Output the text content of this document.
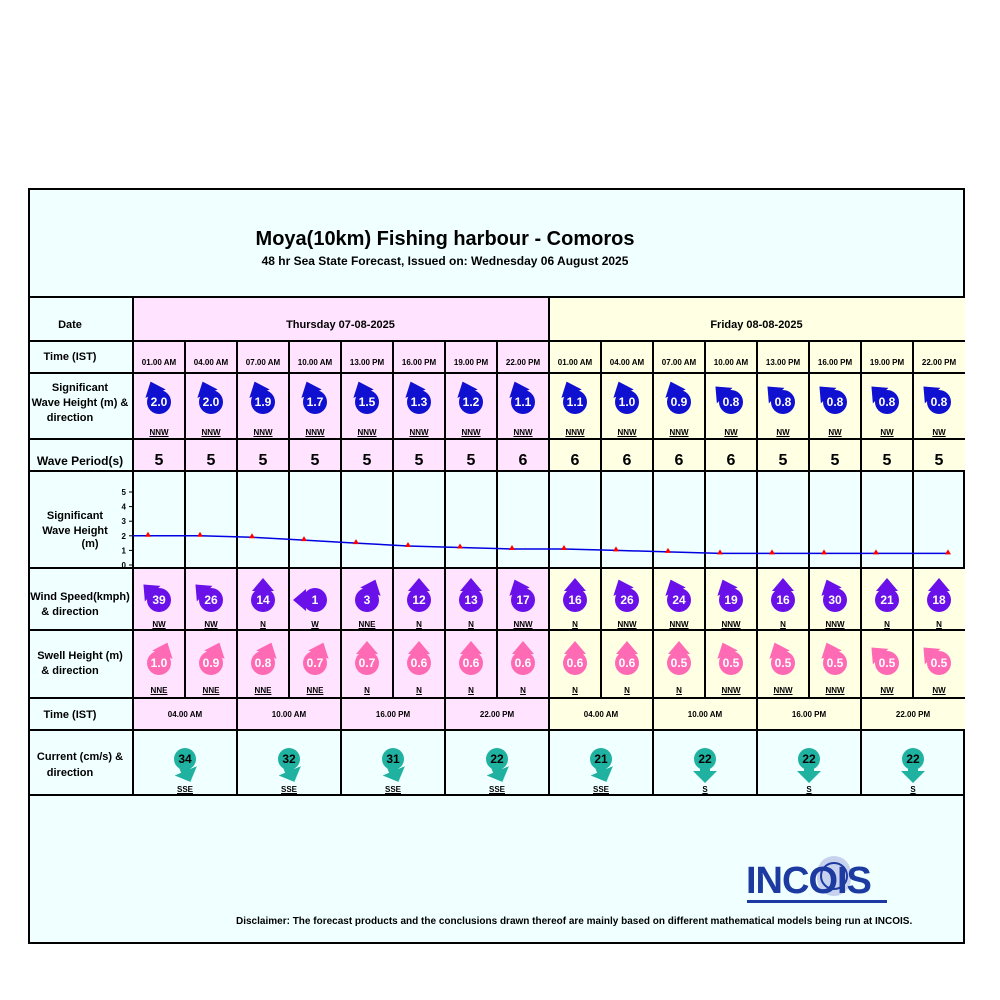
Moya(10km) Fishing harbour - Comoros
48 hr Sea State Forecast, Issued on: Wednesday 06 August 2025
Date
Time (IST)
Significant
Wave Height (m) &
direction
Wave Period(s)
Significant
Wave Height
(m)
Wind Speed(kmph)
& direction
Swell Height (m)
& direction
Time (IST)
Current (cm/s) &
direction
Thursday 07-08-2025	Friday 08-08-2025
01.00 AM
2.0
NNW
5
39
NW
1.0
NNE
04.00 AM
2.0
NNW
5
26
NW
0.9
NNE
07.00 AM
1.9
NNW
5
14
N
0.8
NNE
10.00 AM
1.7
NNW
5
1
W
0.7
NNE
13.00 PM
1.5
NNW
5
3
NNE
0.7
N
16.00 PM
1.3
NNW
5
12
N
0.6
N
19.00 PM
1.2
NNW
5
13
N
0.6
N
22.00 PM
1.1
NNW
6
17
NNW
0.6
N
01.00 AM
1.1
NNW
6
16
N
0.6
N
04.00 AM
1.0
NNW
6
26
NNW
0.6
N
07.00 AM
0.9
NNW
6
24
NNW
0.5
N
10.00 AM
0.8
NW
6
19
NNW
0.5
NNW
13.00 PM
0.8
NW
5
16
N
0.5
NNW
16.00 PM
0.8
NW
5
30
NNW
0.5
NNW
19.00 PM
0.8
NW
5
21
N
0.5
NW
22.00 PM
0.8
NW
5
18
N
0.5
NW
04.00 AM
34
SSE
10.00 AM
32
SSE
16.00 PM
31
SSE
22.00 PM
22
SSE
04.00 AM
21
SSE
10.00 AM
22
S
16.00 PM
22
S
22.00 PM
22
S
0
1
2
3
4
5
INCOIS
Disclaimer: The forecast products and the conclusions drawn thereof are mainly based on different mathematical models being run at INCOIS.
